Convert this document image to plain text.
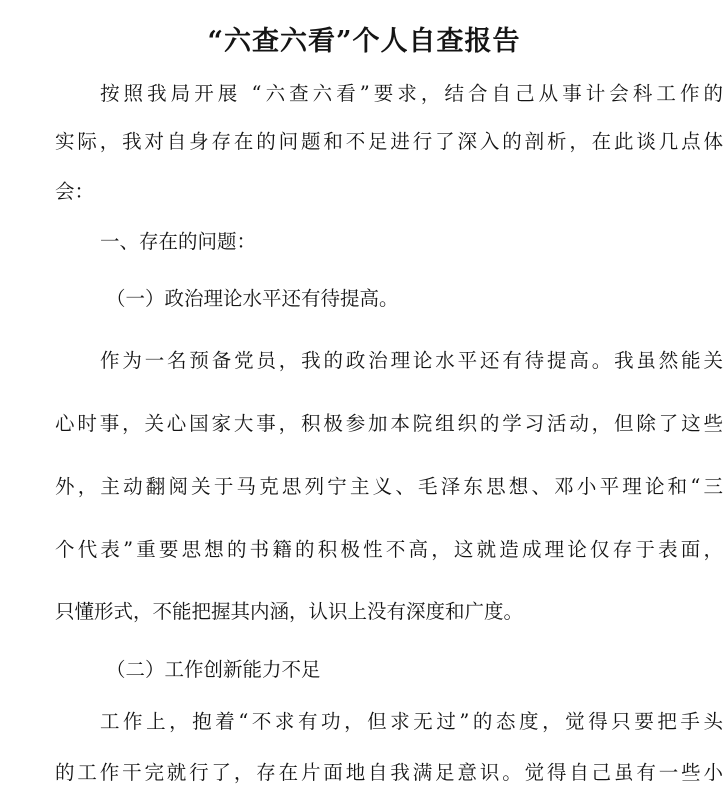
“六查六看”个人自查报告
按照我局开展 “六查六看”要求，结合自己从事计会科工作的
实际，我对自身存在的问题和不足进行了深入的剖析，在此谈几点体
会：
一、存在的问题：
（一）政治理论水平还有待提高。
作为一名预备党员，我的政治理论水平还有待提高。我虽然能关
心时事，关心国家大事，积极参加本院组织的学习活动，但除了这些
外，主动翻阅关于马克思列宁主义、毛泽东思想、邓小平理论和“三
个代表”重要思想的书籍的积极性不高，这就造成理论仅存于表面，
只懂形式，不能把握其内涵，认识上没有深度和广度。
（二）工作创新能力不足
工作上，抱着“不求有功，但求无过”的态度，觉得只要把手头
的工作干完就行了，存在片面地自我满足意识。觉得自己虽有一些小
